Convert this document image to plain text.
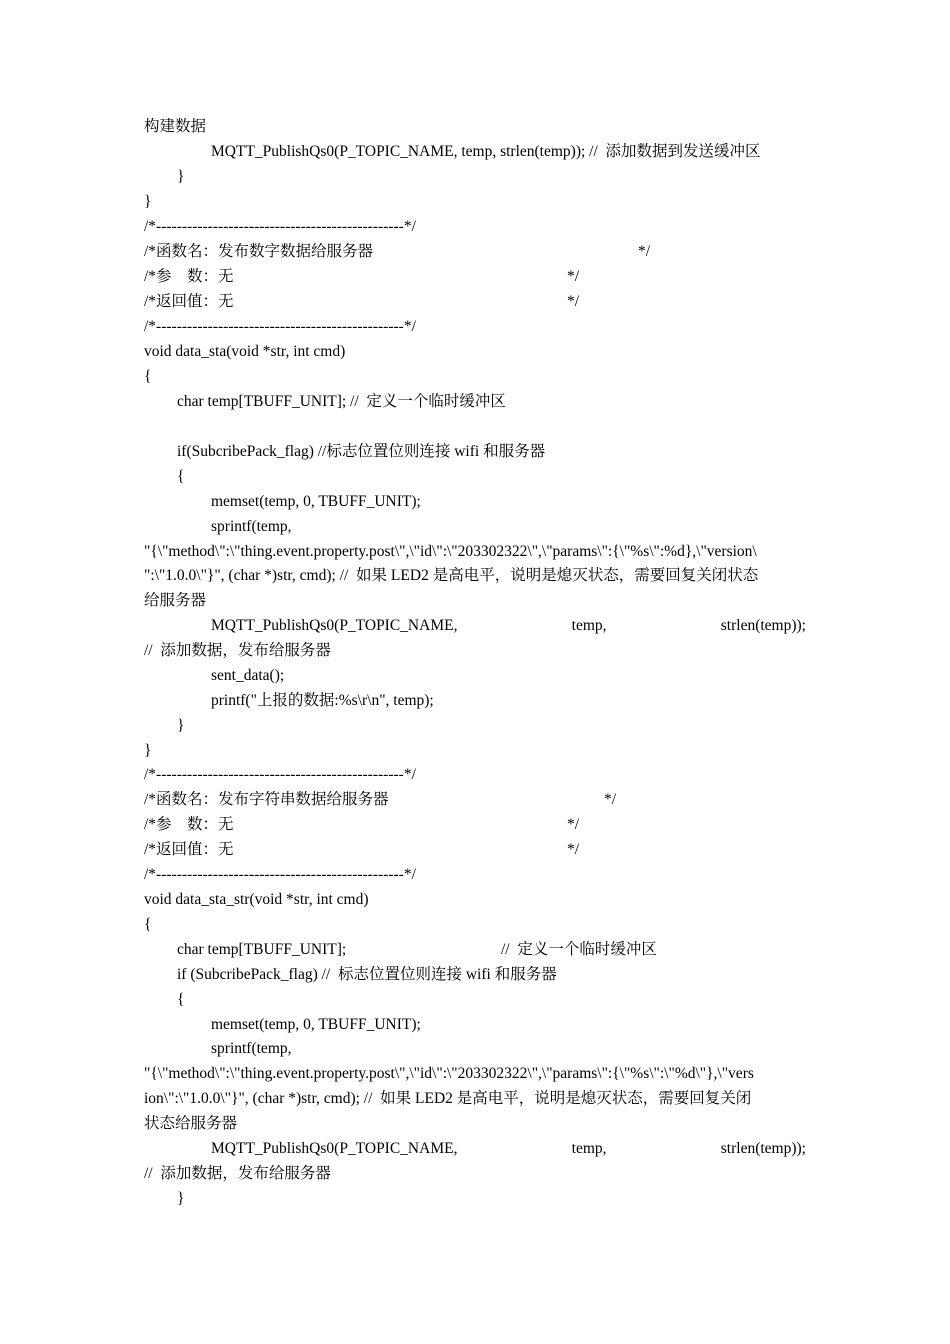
构建数据
MQTT_PublishQs0(P_TOPIC_NAME, temp, strlen(temp)); //  添加数据到发送缓冲区
}
}
/*------------------------------------------------*/
/*函数名：发布数字数据给服务器	*/
/*参　数：无	*/
/*返回值：无	*/
/*------------------------------------------------*/
void data_sta(void *str, int cmd)
{
char temp[TBUFF_UNIT]; //  定义一个临时缓冲区
if(SubcribePack_flag) //标志位置位则连接 wifi 和服务器
{
memset(temp, 0, TBUFF_UNIT);
sprintf(temp,
"{\"method\":\"thing.event.property.post\",\"id\":\"203302322\",\"params\":{\"%s\":%d},\"version\
":\"1.0.0\"}", (char *)str, cmd); //  如果 LED2 是高电平，说明是熄灭状态，需要回复关闭状态
给服务器
MQTT_PublishQs0(P_TOPIC_NAME,	temp,	strlen(temp));
//  添加数据，发布给服务器
sent_data();
printf("上报的数据:%s\r\n", temp);
}
}
/*------------------------------------------------*/
/*函数名：发布字符串数据给服务器	*/
/*参　数：无	*/
/*返回值：无	*/
/*------------------------------------------------*/
void data_sta_str(void *str, int cmd)
{
char temp[TBUFF_UNIT];	//  定义一个临时缓冲区
if (SubcribePack_flag) //  标志位置位则连接 wifi 和服务器
{
memset(temp, 0, TBUFF_UNIT);
sprintf(temp,
"{\"method\":\"thing.event.property.post\",\"id\":\"203302322\",\"params\":{\"%s\":\"%d\"},\"vers
ion\":\"1.0.0\"}", (char *)str, cmd); //  如果 LED2 是高电平，说明是熄灭状态，需要回复关闭
状态给服务器
MQTT_PublishQs0(P_TOPIC_NAME,	temp,	strlen(temp));
//  添加数据，发布给服务器
}
